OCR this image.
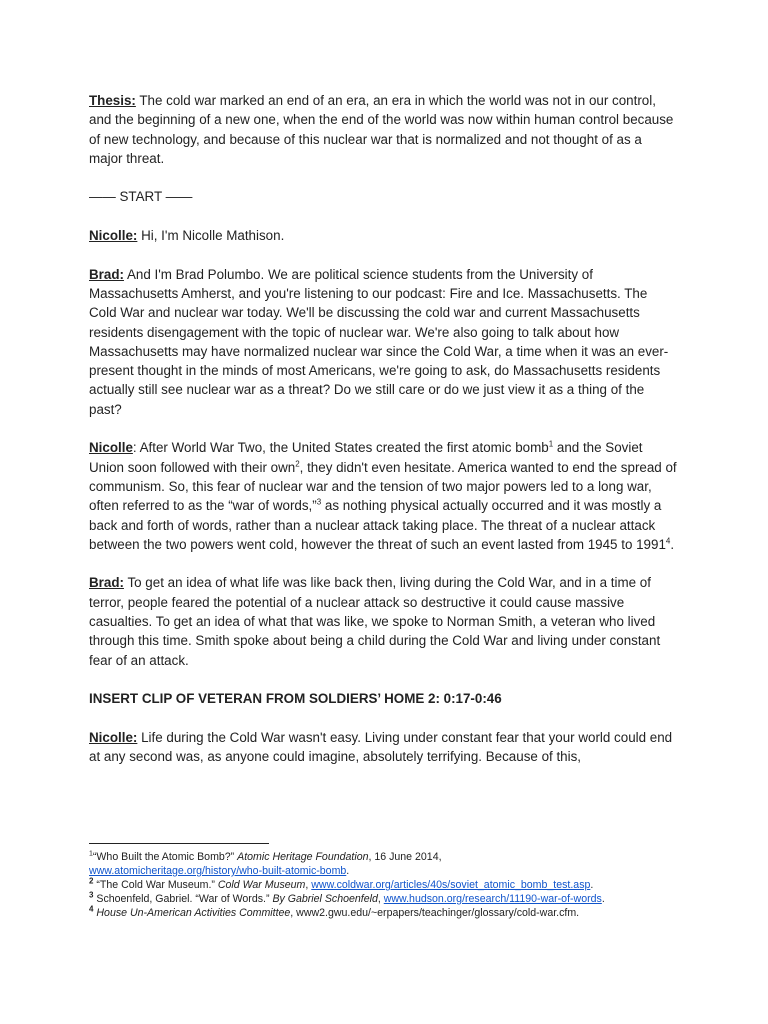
Thesis: The cold war marked an end of an era, an era in which the world was not in our control, and the beginning of a new one, when the end of the world was now within human control because of new technology, and because of this nuclear war that is normalized and not thought of as a major threat.

—— START ——

Nicolle: Hi, I'm Nicolle Mathison.

Brad: And I'm Brad Polumbo. We are political science students from the University of Massachusetts Amherst, and you're listening to our podcast: Fire and Ice. Massachusetts. The Cold War and nuclear war today. We'll be discussing the cold war and current Massachusetts residents disengagement with the topic of nuclear war. We're also going to talk about how Massachusetts may have normalized nuclear war since the Cold War, a time when it was an ever-present thought in the minds of most Americans, we're going to ask, do Massachusetts residents actually still see nuclear war as a threat? Do we still care or do we just view it as a thing of the past?

Nicolle: After World War Two, the United States created the first atomic bomb$^1$ and the Soviet Union soon followed with their own$^2$, they didn't even hesitate. America wanted to end the spread of communism. So, this fear of nuclear war and the tension of two major powers led to a long war, often referred to as the “war of words,”$^3$ as nothing physical actually occurred and it was mostly a back and forth of words, rather than a nuclear attack taking place. The threat of a nuclear attack between the two powers went cold, however the threat of such an event lasted from 1945 to 1991$^4$.

Brad: To get an idea of what life was like back then, living during the Cold War, and in a time of terror, people feared the potential of a nuclear attack so destructive it could cause massive casualties. To get an idea of what that was like, we spoke to Norman Smith, a veteran who lived through this time. Smith spoke about being a child during the Cold War and living under constant fear of an attack.

INSERT CLIP OF VETERAN FROM SOLDIERS’ HOME 2: 0:17-0:46

Nicolle: Life during the Cold War wasn't easy. Living under constant fear that your world could end at any second was, as anyone could imagine, absolutely terrifying. Because of this,

$^1$“Who Built the Atomic Bomb?” Atomic Heritage Foundation, 16 June 2014,
www.atomicheritage.org/history/who-built-atomic-bomb.
$^2$ “The Cold War Museum.” Cold War Museum, www.coldwar.org/articles/40s/soviet_atomic_bomb_test.asp.
$^3$ Schoenfeld, Gabriel. “War of Words.” By Gabriel Schoenfeld, www.hudson.org/research/11190-war-of-words.
$^4$ House Un-American Activities Committee, www2.gwu.edu/~erpapers/teachinger/glossary/cold-war.cfm.
